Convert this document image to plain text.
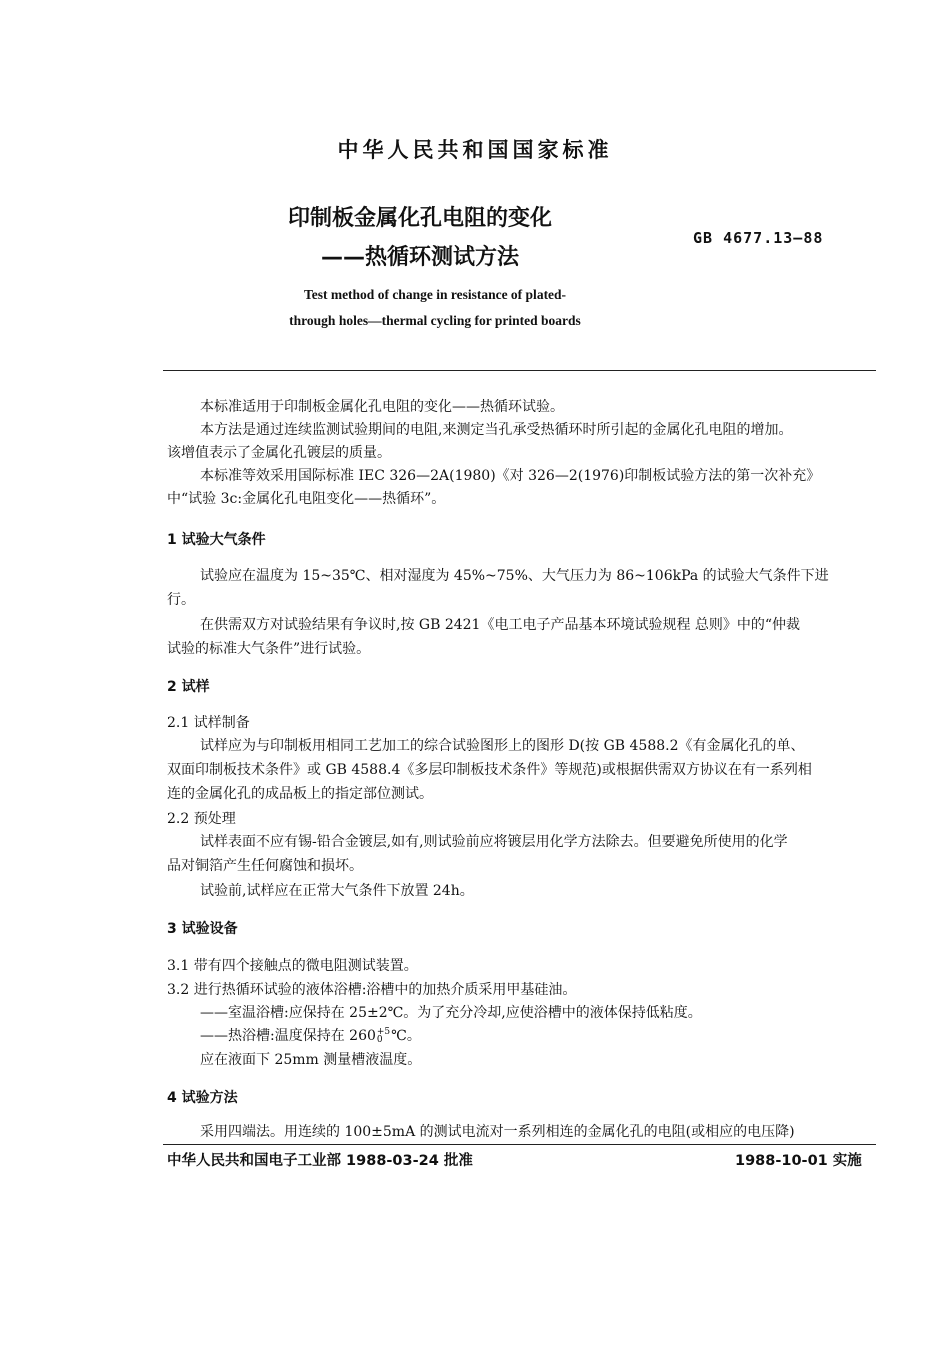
中华人民共和国国家标准
印制板金属化孔电阻的变化
——热循环测试方法
GB 4677.13—88
Test method of change in resistance of plated-
through holes—thermal cycling for printed boards
本标准适用于印制板金属化孔电阻的变化——热循环试验。
本方法是通过连续监测试验期间的电阻,来测定当孔承受热循环时所引起的金属化孔电阻的增加。
该增值表示了金属化孔镀层的质量。
本标准等效采用国际标准 IEC 326—2A(1980)《对 326—2(1976)印制板试验方法的第一次补充》
中“试验 3c:金属化孔电阻变化——热循环”。
1 试验大气条件
试验应在温度为 15~35℃、相对湿度为 45%~75%、大气压力为 86~106kPa 的试验大气条件下进
行。
在供需双方对试验结果有争议时,按 GB 2421《电工电子产品基本环境试验规程 总则》中的“仲裁
试验的标准大气条件”进行试验。
2 试样
2.1 试样制备
试样应为与印制板用相同工艺加工的综合试验图形上的图形 D(按 GB 4588.2《有金属化孔的单、
双面印制板技术条件》或 GB 4588.4《多层印制板技术条件》等规范)或根据供需双方协议在有一系列相
连的金属化孔的成品板上的指定部位测试。
2.2 预处理
试样表面不应有锡-铅合金镀层,如有,则试验前应将镀层用化学方法除去。但要避免所使用的化学
品对铜箔产生任何腐蚀和损坏。
试验前,试样应在正常大气条件下放置 24h。
3 试验设备
3.1 带有四个接触点的微电阻测试装置。
3.2 进行热循环试验的液体浴槽:浴槽中的加热介质采用甲基硅油。
——室温浴槽:应保持在 25±2℃。为了充分冷却,应使浴槽中的液体保持低粘度。
——热浴槽:温度保持在 260 +5
0 ℃。
应在液面下 25mm 测量槽液温度。
4 试验方法
采用四端法。用连续的 100±5mA 的测试电流对一系列相连的金属化孔的电阻(或相应的电压降)
中华人民共和国电子工业部 1988-03-24 批准	1988-10-01 实施
